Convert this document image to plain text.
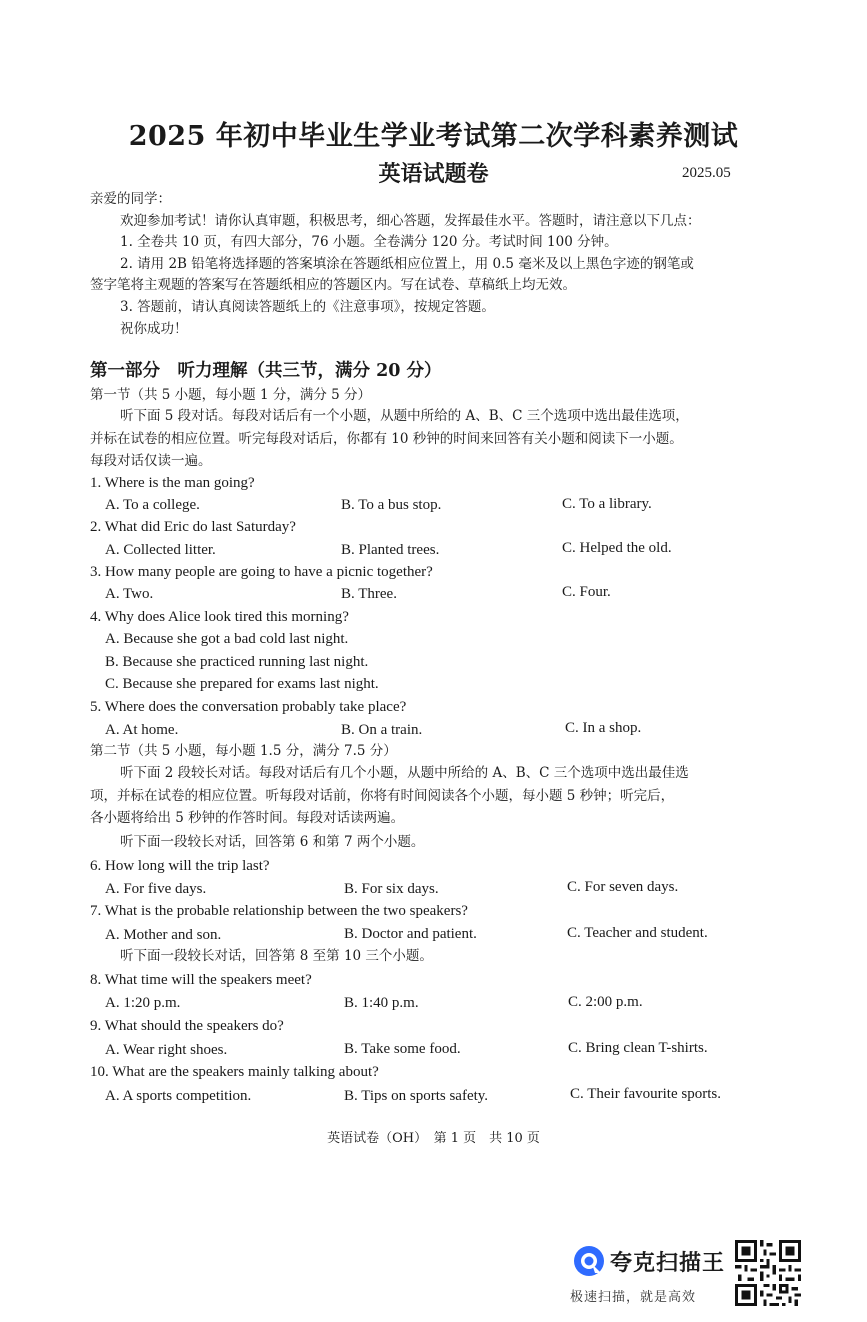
2025 年初中毕业生学业考试第二次学科素养测试
英语试题卷	2025.05
亲爱的同学：
欢迎参加考试！请你认真审题，积极思考，细心答题，发挥最佳水平。答题时，请注意以下几点：
1. 全卷共 10 页，有四大部分，76 小题。全卷满分 120 分。考试时间 100 分钟。
2. 请用 2B 铅笔将选择题的答案填涂在答题纸相应位置上，用 0.5 毫米及以上黑色字迹的钢笔或
签字笔将主观题的答案写在答题纸相应的答题区内。写在试卷、草稿纸上均无效。
3. 答题前，请认真阅读答题纸上的《注意事项》，按规定答题。
祝你成功！
第一部分　听力理解（共三节，满分 20 分）
第一节（共 5 小题，每小题 1 分，满分 5 分）
听下面 5 段对话。每段对话后有一个小题，从题中所给的 A、B、C 三个选项中选出最佳选项，
并标在试卷的相应位置。听完每段对话后，你都有 10 秒钟的时间来回答有关小题和阅读下一小题。
每段对话仅读一遍。
1. Where is the man going?
A. To a college.	B. To a bus stop.	C. To a library.
2. What did Eric do last Saturday?
A. Collected litter.	B. Planted trees.	C. Helped the old.
3. How many people are going to have a picnic together?
A. Two.	B. Three.	C. Four.
4. Why does Alice look tired this morning?
A. Because she got a bad cold last night.
B. Because she practiced running last night.
C. Because she prepared for exams last night.
5. Where does the conversation probably take place?
A. At home.	B. On a train.	C. In a shop.
第二节（共 5 小题，每小题 1.5 分，满分 7.5 分）
听下面 2 段较长对话。每段对话后有几个小题，从题中所给的 A、B、C 三个选项中选出最佳选
项，并标在试卷的相应位置。听每段对话前，你将有时间阅读各个小题，每小题 5 秒钟；听完后，
各小题将给出 5 秒钟的作答时间。每段对话读两遍。
听下面一段较长对话，回答第 6 和第 7 两个小题。
6. How long will the trip last?
A. For five days.	B. For six days.	C. For seven days.
7. What is the probable relationship between the two speakers?
A. Mother and son.	B. Doctor and patient.	C. Teacher and student.
听下面一段较长对话，回答第 8 至第 10 三个小题。
8. What time will the speakers meet?
A. 1:20 p.m.	B. 1:40 p.m.	C. 2:00 p.m.
9. What should the speakers do?
A. Wear right shoes.	B. Take some food.	C. Bring clean T-shirts.
10. What are the speakers mainly talking about?
A. A sports competition.	B. Tips on sports safety.	C. Their favourite sports.
英语试卷（OH）　第 1 页　共 10 页
夸克扫描王
极速扫描，就是高效
